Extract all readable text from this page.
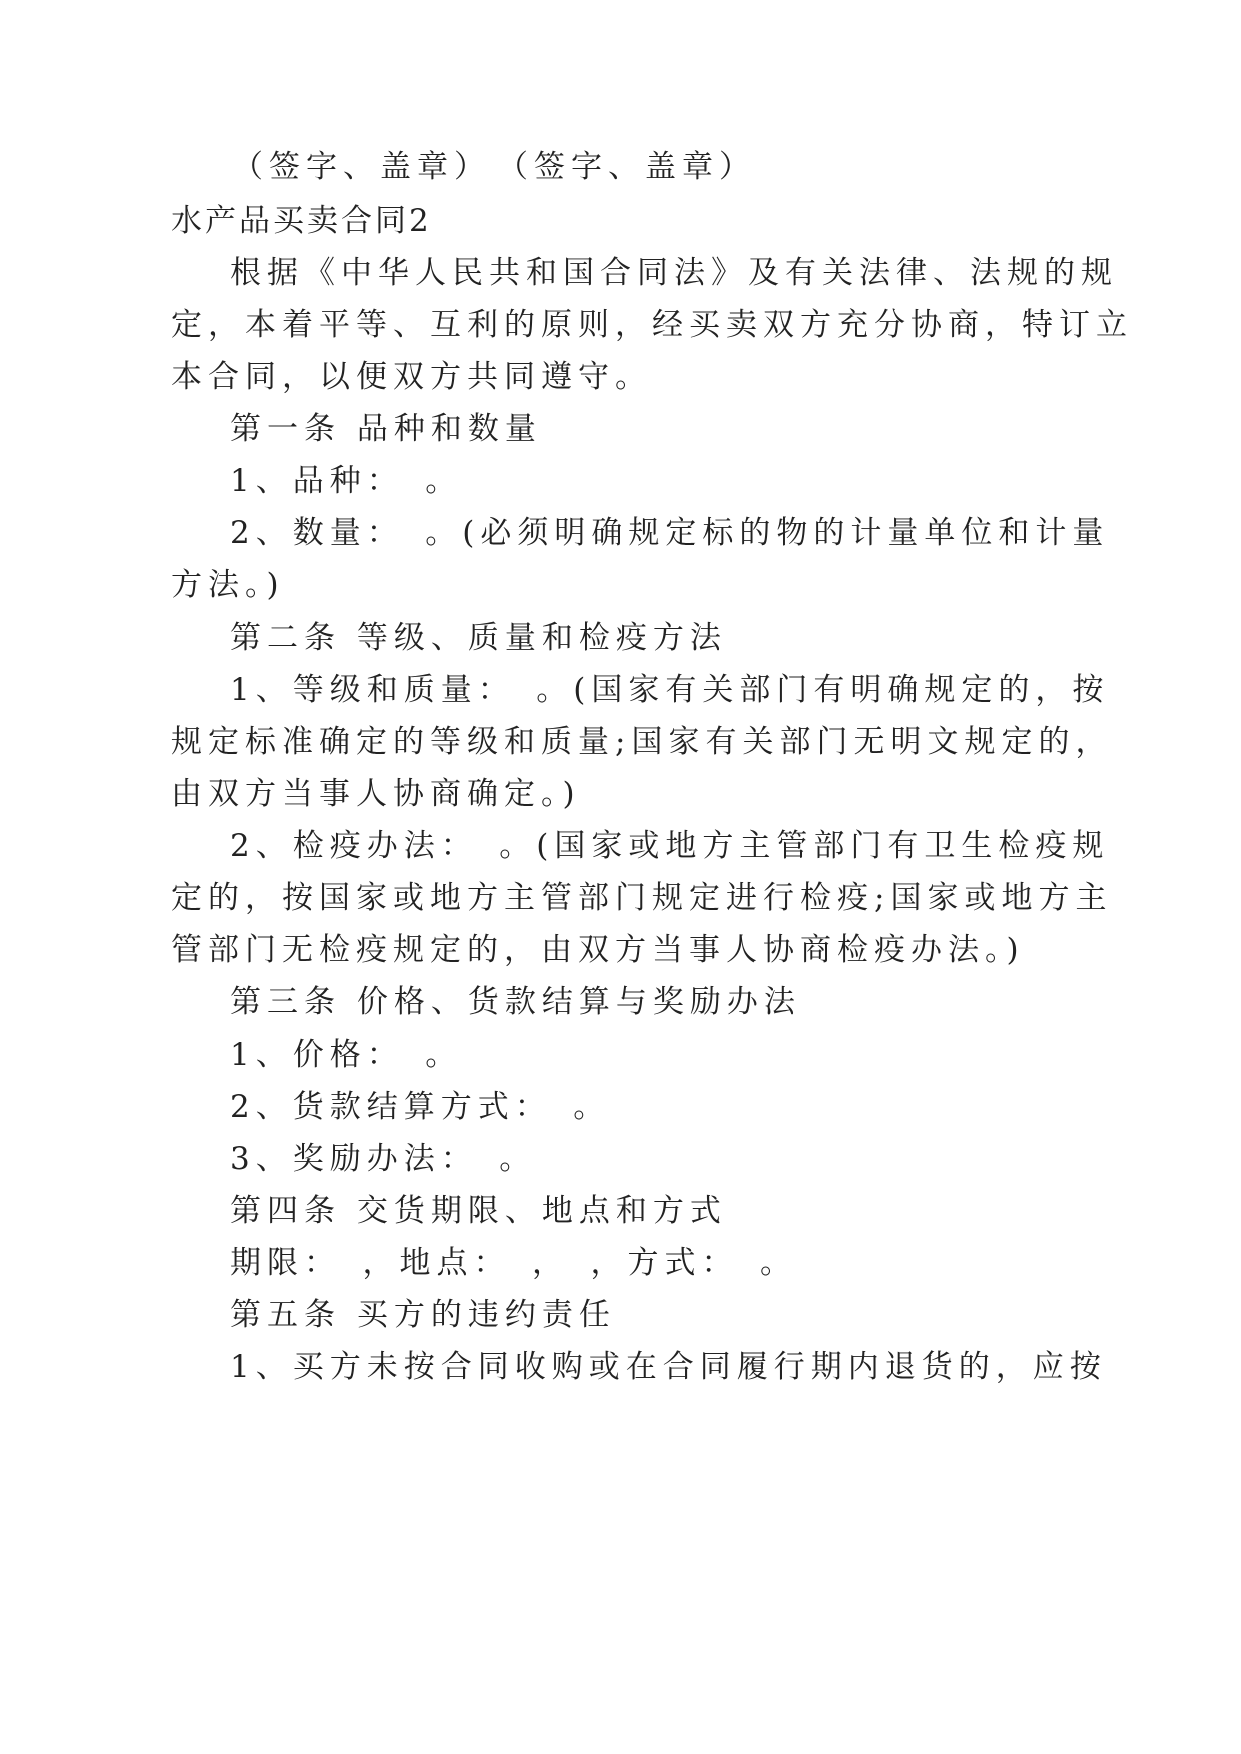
（签字、盖章）　（签字、盖章）
水产品买卖合同2
根据《中华人民共和国合同法》及有关法律、法规的规
定，本着平等、互利的原则，经买卖双方充分协商，特订立
本合同，以便双方共同遵守。
第一条 品种和数量
1、品种：　。
2、数量：　。(必须明确规定标的物的计量单位和计量
方法。)
第二条 等级、质量和检疫方法
1、等级和质量：　。(国家有关部门有明确规定的，按
规定标准确定的等级和质量;国家有关部门无明文规定的，
由双方当事人协商确定。)
2、检疫办法：　。(国家或地方主管部门有卫生检疫规
定的，按国家或地方主管部门规定进行检疫;国家或地方主
管部门无检疫规定的，由双方当事人协商检疫办法。)
第三条 价格、货款结算与奖励办法
1、价格：　。
2、货款结算方式：　。
3、奖励办法：　。
第四条 交货期限、地点和方式
期限：　，地点：　，　，方式：　。
第五条 买方的违约责任
1、买方未按合同收购或在合同履行期内退货的，应按
